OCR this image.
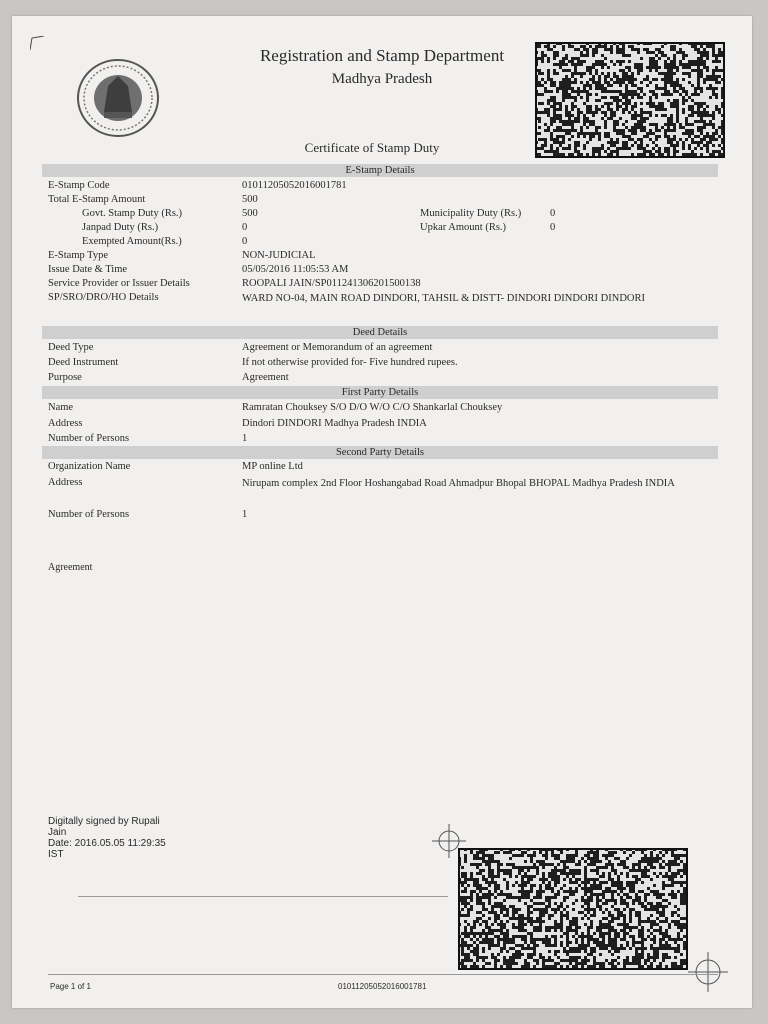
Registration and Stamp Department
Madhya Pradesh
Certificate of Stamp Duty
E-Stamp Details
E-Stamp Code	0101120505201600178​1
Total E-Stamp Amount	500
Govt. Stamp Duty (Rs.)	500	Municipality Duty (Rs.)	0
Janpad Duty (Rs.)	0	Upkar Amount (Rs.)	0
Exempted Amount(Rs.)	0
E-Stamp Type	NON-JUDICIAL
Issue Date & Time	05/05/2016 11:05:53 AM
Service Provider or Issuer Details	ROOPALI JAIN/SP01124130620150013​8
SP/SRO/DRO/HO Details	WARD NO-04, MAIN ROAD DINDORI, TAHSIL & DISTT- DINDORI DINDORI DINDORI
Deed Details
Deed Type	Agreement or Memorandum of an agreement
Deed Instrument	If not otherwise provided for- Five hundred rupees.
Purpose	Agreement
First Party Details
Name	Ramratan Chouksey S/O D/O W/O C/O Shankarlal Chouksey
Address	Dindori DINDORI Madhya Pradesh INDIA
Number of Persons	1
Second Party Details
Organization Name	MP online Ltd
Address	Nirupam complex 2nd Floor Hoshangabad Road Ahmadpur Bhopal BHOPAL Madhya Pradesh INDIA
Number of Persons	1
Agreement
Digitally signed by Rupali
Jain
Date: 2016.05.05 11:29:35
IST
Page 1 of 1	0101120505201600178​1
